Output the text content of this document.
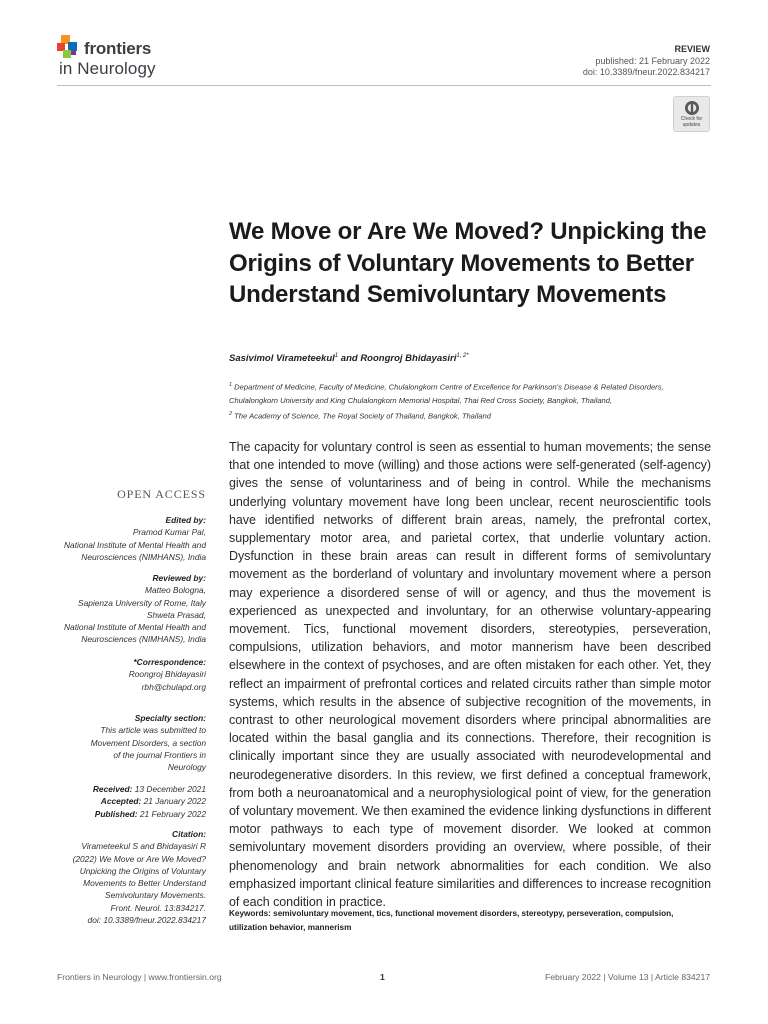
frontiers
in Neurology
REVIEW
published: 21 February 2022
doi: 10.3389/fneur.2022.834217
Check for
updates
We Move or Are We Moved? Unpicking the Origins of Voluntary Movements to Better Understand Semivoluntary Movements
Sasivimol Virameteekul$^1$ and Roongroj Bhidayasiri$^{1, 2*}$
$^1$ Department of Medicine, Faculty of Medicine, Chulalongkorn Centre of Excellence for Parkinson's Disease & Related Disorders, Chulalongkorn University and King Chulalongkorn Memorial Hospital, Thai Red Cross Society, Bangkok, Thailand,
$^2$ The Academy of Science, The Royal Society of Thailand, Bangkok, Thailand
The capacity for voluntary control is seen as essential to human movements; the sense that one intended to move (willing) and those actions were self-generated (self-agency) gives the sense of voluntariness and of being in control. While the mechanisms underlying voluntary movement have long been unclear, recent neuroscientific tools have identified networks of different brain areas, namely, the prefrontal cortex, supplementary motor area, and parietal cortex, that underlie voluntary action. Dysfunction in these brain areas can result in different forms of semivoluntary movement as the borderland of voluntary and involuntary movement where a person may experience a disordered sense of will or agency, and thus the movement is experienced as unexpected and involuntary, for an otherwise voluntary-appearing movement. Tics, functional movement disorders, stereotypies, perseveration, compulsions, utilization behaviors, and motor mannerism have been described elsewhere in the context of psychoses, and are often mistaken for each other. Yet, they reflect an impairment of prefrontal cortices and related circuits rather than simple motor systems, which results in the absence of subjective recognition of the movements, in contrast to other neurological movement disorders where principal abnormalities are located within the basal ganglia and its connections. Therefore, their recognition is clinically important since they are usually associated with neurodevelopmental and neurodegenerative disorders. In this review, we first defined a conceptual framework, from both a neuroanatomical and a neurophysiological point of view, for the generation of voluntary movement. We then examined the evidence linking dysfunctions in different motor pathways to each type of movement disorder. We looked at common semivoluntary movement disorders providing an overview, where possible, of their phenomenology and brain network abnormalities for each condition. We also emphasized important clinical feature similarities and differences to increase recognition of each condition in practice.
Keywords: semivoluntary movement, tics, functional movement disorders, stereotypy, perseveration, compulsion, utilization behavior, mannerism
OPEN ACCESS
Edited by:
Pramod Kumar Pal,
National Institute of Mental Health and Neurosciences (NIMHANS), India
Reviewed by:
Matteo Bologna,
Sapienza University of Rome, Italy
Shweta Prasad,
National Institute of Mental Health and Neurosciences (NIMHANS), India
*Correspondence:
Roongroj Bhidayasiri
rbh@chulapd.org
Specialty section:
This article was submitted to Movement Disorders, a section of the journal Frontiers in Neurology
Received: 13 December 2021
Accepted: 21 January 2022
Published: 21 February 2022
Citation:
Virameteekul S and Bhidayasiri R (2022) We Move or Are We Moved? Unpicking the Origins of Voluntary Movements to Better Understand Semivoluntary Movements.
Front. Neurol. 13:834217.
doi: 10.3389/fneur.2022.834217
Frontiers in Neurology | www.frontiersin.org	1	February 2022 | Volume 13 | Article 834217
